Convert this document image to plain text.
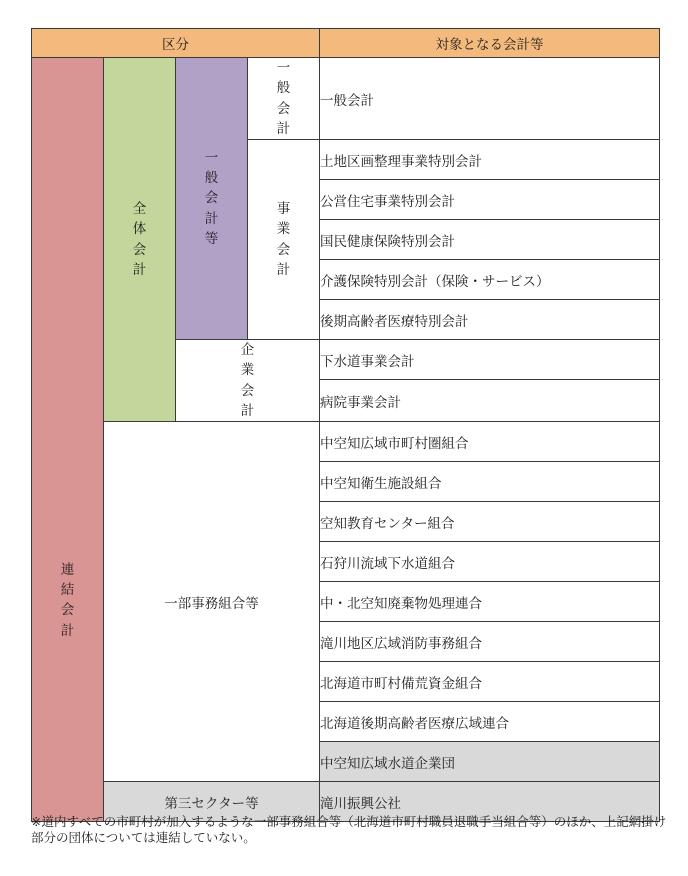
区分				対象となる会計等
	全体会計	一般会計等	一般会計	一般会計
			事業会計	土地区画整理事業特別会計
				公営住宅事業特別会計
				国民健康保険特別会計
				介護保険特別会計（保険・サービス）
				後期高齢者医療特別会計
		企業会計		下水道事業会計
連結会計				病院事業会計
	一部事務組合等			中空知広域市町村圏組合
				中空知衛生施設組合
				空知教育センター組合
				石狩川流域下水道組合
				中・北空知廃棄物処理連合
				滝川地区広域消防事務組合
				北海道市町村備荒資金組合
				北海道後期高齢者医療広域連合
				中空知広域水道企業団
	第三セクター等			滝川振興公社
※道内すべての市町村が加入するような一部事務組合等（北海道市町村職員退職手当組合等）のほか、上記網掛け部分の団体については連結していない。
